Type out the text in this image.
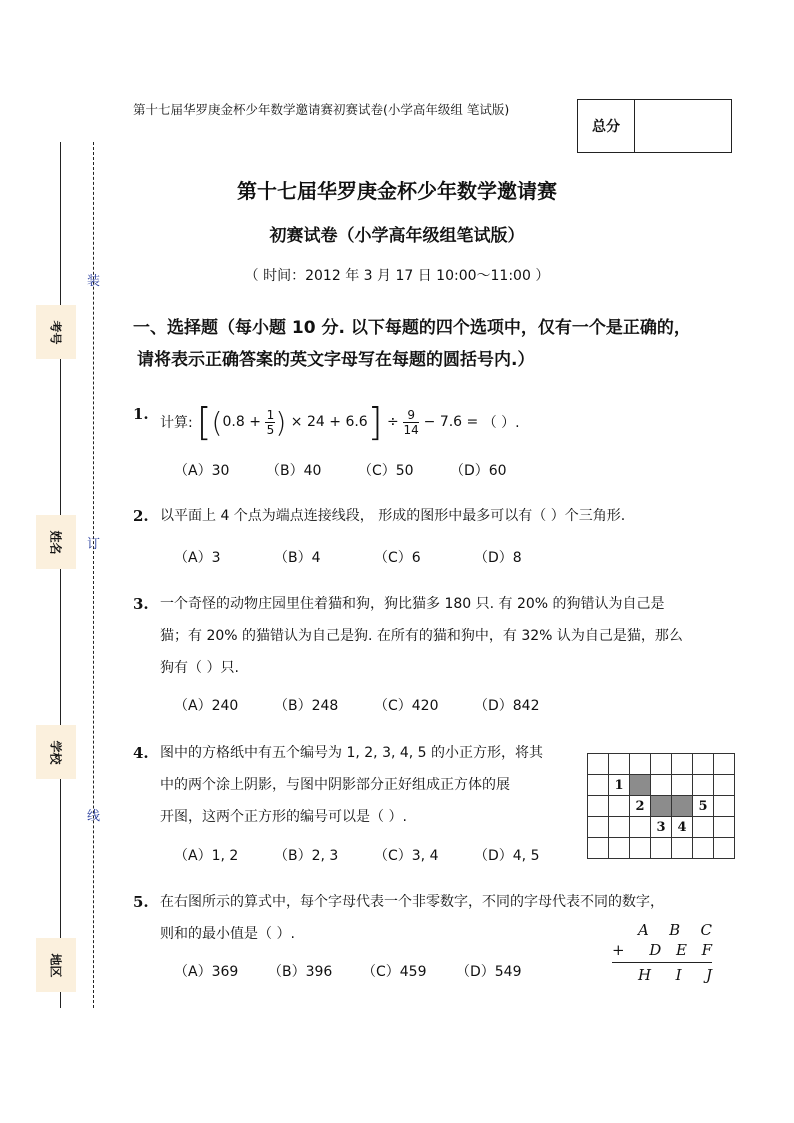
第十七届华罗庚金杯少年数学邀请赛初赛试卷(小学高年级组 笔试版)
总分
考号
姓名
学校
地区
装
订
线
第十七届华罗庚金杯少年数学邀请赛
初赛试卷（小学高年级组笔试版）
（ 时间：2012 年 3 月 17 日 10:00～11:00 ）
一、选择题（每小题 10 分. 以下每题的四个选项中，仅有一个是正确的，
请将表示正确答案的英文字母写在每题的圆括号内.）
1. 计算: [ ( 0.8 + 1
5 ) × 24 + 6.6 ] ÷ 9
14 − 7.6 = （ ）.
（A）30	（B）40	（C）50	（D）60
2. 以平面上 4 个点为端点连接线段， 形成的图形中最多可以有（ ）个三角形.
（A）3	（B）4	（C）6	（D）8
3. 一个奇怪的动物庄园里住着猫和狗，狗比猫多 180 只. 有 20% 的狗错认为自己是
猫；有 20% 的猫错认为自己是狗. 在所有的猫和狗中，有 32% 认为自己是猫，那么
狗有（ ）只.
（A）240	（B）248	（C）420	（D）842
4. 图中的方格纸中有五个编号为 1, 2, 3, 4, 5 的小正方形，将其
中的两个涂上阴影，与图中阴影部分正好组成正方体的展
开图，这两个正方形的编号可以是（ ）.
（A）1, 2	（B）2, 3	（C）3, 4	（D）4, 5

	1					
		2			5	
			3	4		

5. 在右图所示的算式中，每个字母代表一个非零数字，不同的字母代表不同的数字，
则和的最小值是（ ）.
（A）369 （B）396 （C）459 （D）549
A B C
+ D E F
H I J
